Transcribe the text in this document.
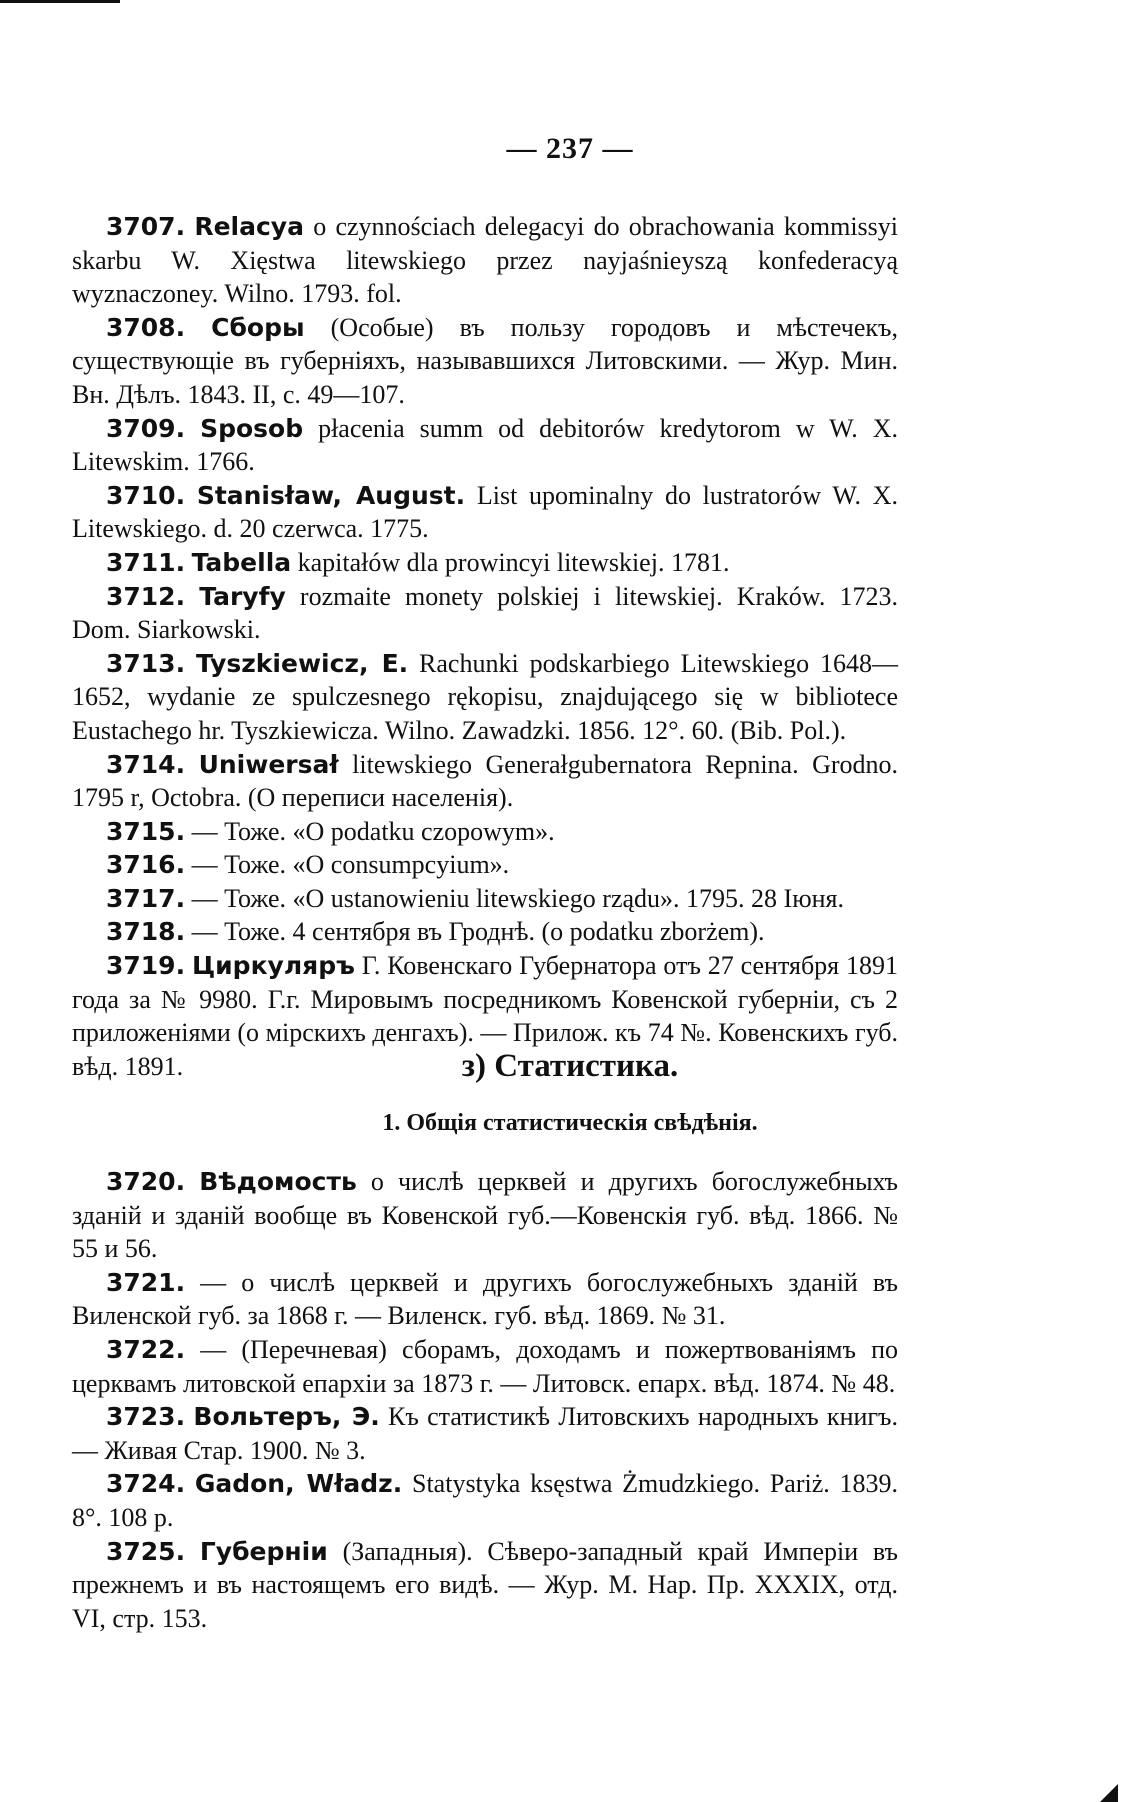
— 237 —

3707. Relacya o czynnościach delegacyi do obrachowania kommissyi skarbu W. Xięstwa litewskiego przez nayjaśnieyszą konfederacyą wyznaczoney. Wilno. 1793. fol.

3708. Сборы (Особые) въ пользу городовъ и мѣстечекъ, существующіе въ губерніяхъ, называвшихся Литовскими. — Жур. Мин. Вн. Дѣлъ. 1843. II, с. 49—107.

3709. Sposob płacenia summ od debitorów kredytorom w W. X. Litewskim. 1766.

3710. Stanisław, August. List upominalny do lustratorów W. X. Litewskiego. d. 20 czerwca. 1775.

3711. Tabella kapitałów dla prowincyi litewskiej. 1781.

3712. Taryfy rozmaite monety polskiej i litewskiej. Kraków. 1723. Dom. Siarkowski.

3713. Tyszkiewicz, E. Rachunki podskarbiego Litewskiego 1648—1652, wydanie ze spulczesnego rękopisu, znajdującego się w bibliotece Eustachego hr. Tyszkiewicza. Wilno. Zawadzki. 1856. 12°. 60. (Bib. Pol.).

3714. Uniwersał litewskiego Generałgubernatora Repnina. Grodno. 1795 r, Octobra. (О переписи населенія).

3715. — Тоже. «O podatku czopowym».

3716. — Тоже. «O consumpcyium».

3717. — Тоже. «O ustanowieniu litewskiego rządu». 1795. 28 Іюня.

3718. — Тоже. 4 сентября въ Гроднѣ. (o podatku zborżem).

3719. Циркуляръ Г. Ковенскаго Губернатора отъ 27 сентября 1891 года за № 9980. Г.г. Мировымъ посредникомъ Ковенской губерніи, съ 2 приложеніями (о мірскихъ денгахъ). — Прилож. къ 74 №. Ковенскихъ губ. вѣд. 1891.	з) Статистика.
1. Общія статистическія свѣдѣнія.

3720. Вѣдомость о числѣ церквей и другихъ богослужебныхъ зданій и зданій вообще въ Ковенской губ.—Ковенскія губ. вѣд. 1866. № 55 и 56.

3721. — о числѣ церквей и другихъ богослужебныхъ зданій въ Виленской губ. за 1868 г. — Виленск. губ. вѣд. 1869. № 31.

3722. — (Перечневая) сборамъ, доходамъ и пожертвованіямъ по церквамъ литовской епархіи за 1873 г. — Литовск. епарх. вѣд. 1874. № 48.

3723. Вольтеръ, Э. Къ статистикѣ Литовскихъ народныхъ книгъ. — Живая Стар. 1900. № 3.

3724. Gadon, Władz. Statystyka ksęstwa Żmudzkiego. Pariż. 1839. 8°. 108 p.

3725. Губерніи (Западныя). Сѣверо-западный край Имперіи въ прежнемъ и въ настоящемъ его видѣ. — Жур. М. Нар. Пр. XXXIX, отд. VI, стр. 153.
